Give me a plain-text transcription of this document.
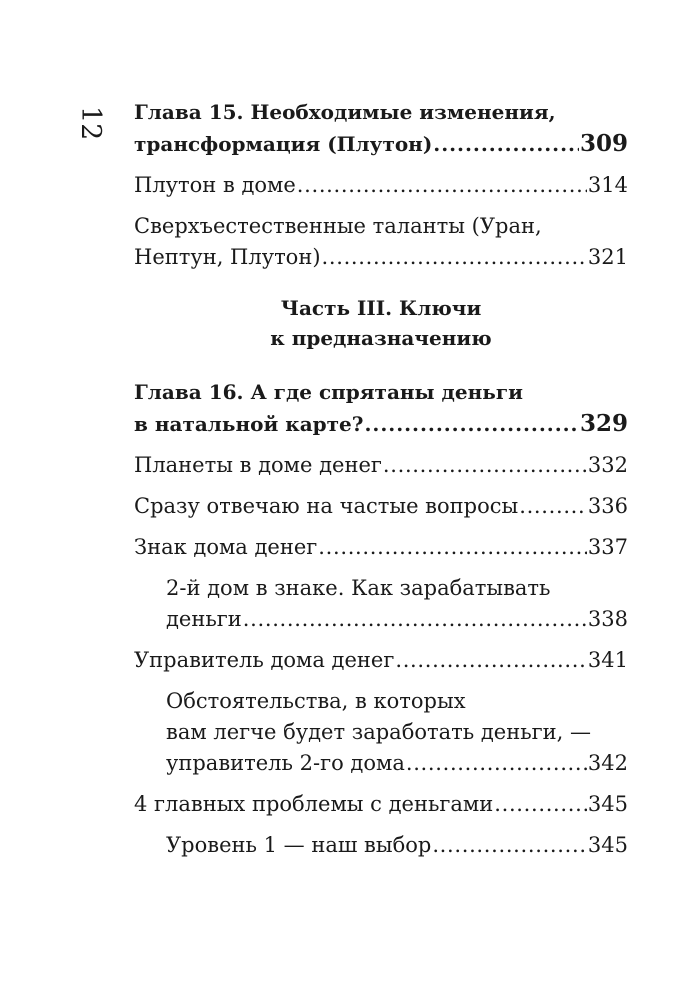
12 Глава 15. Необходимые изменения,
трансформация (Плутон) . . .	309
Плутон в доме . . .	314
Сверхъестественные таланты (Уран,
Нептун, Плутон) . . .	321
Часть III. Ключи
к предназначению
Глава 16. А где спрятаны деньги
в натальной карте? . . .	329
Планеты в доме денег . . .	332
Сразу отвечаю на частые вопросы . . .	336
Знак дома денег . . .	337
2-й дом в знаке. Как зарабатывать
деньги . . .	338
Управитель дома денег . . .	341
Обстоятельства, в которых
вам легче будет заработать деньги, —
управитель 2-го дома . . .	342
4 главных проблемы с деньгами . . .	345
Уровень 1 — наш выбор . . .	345
